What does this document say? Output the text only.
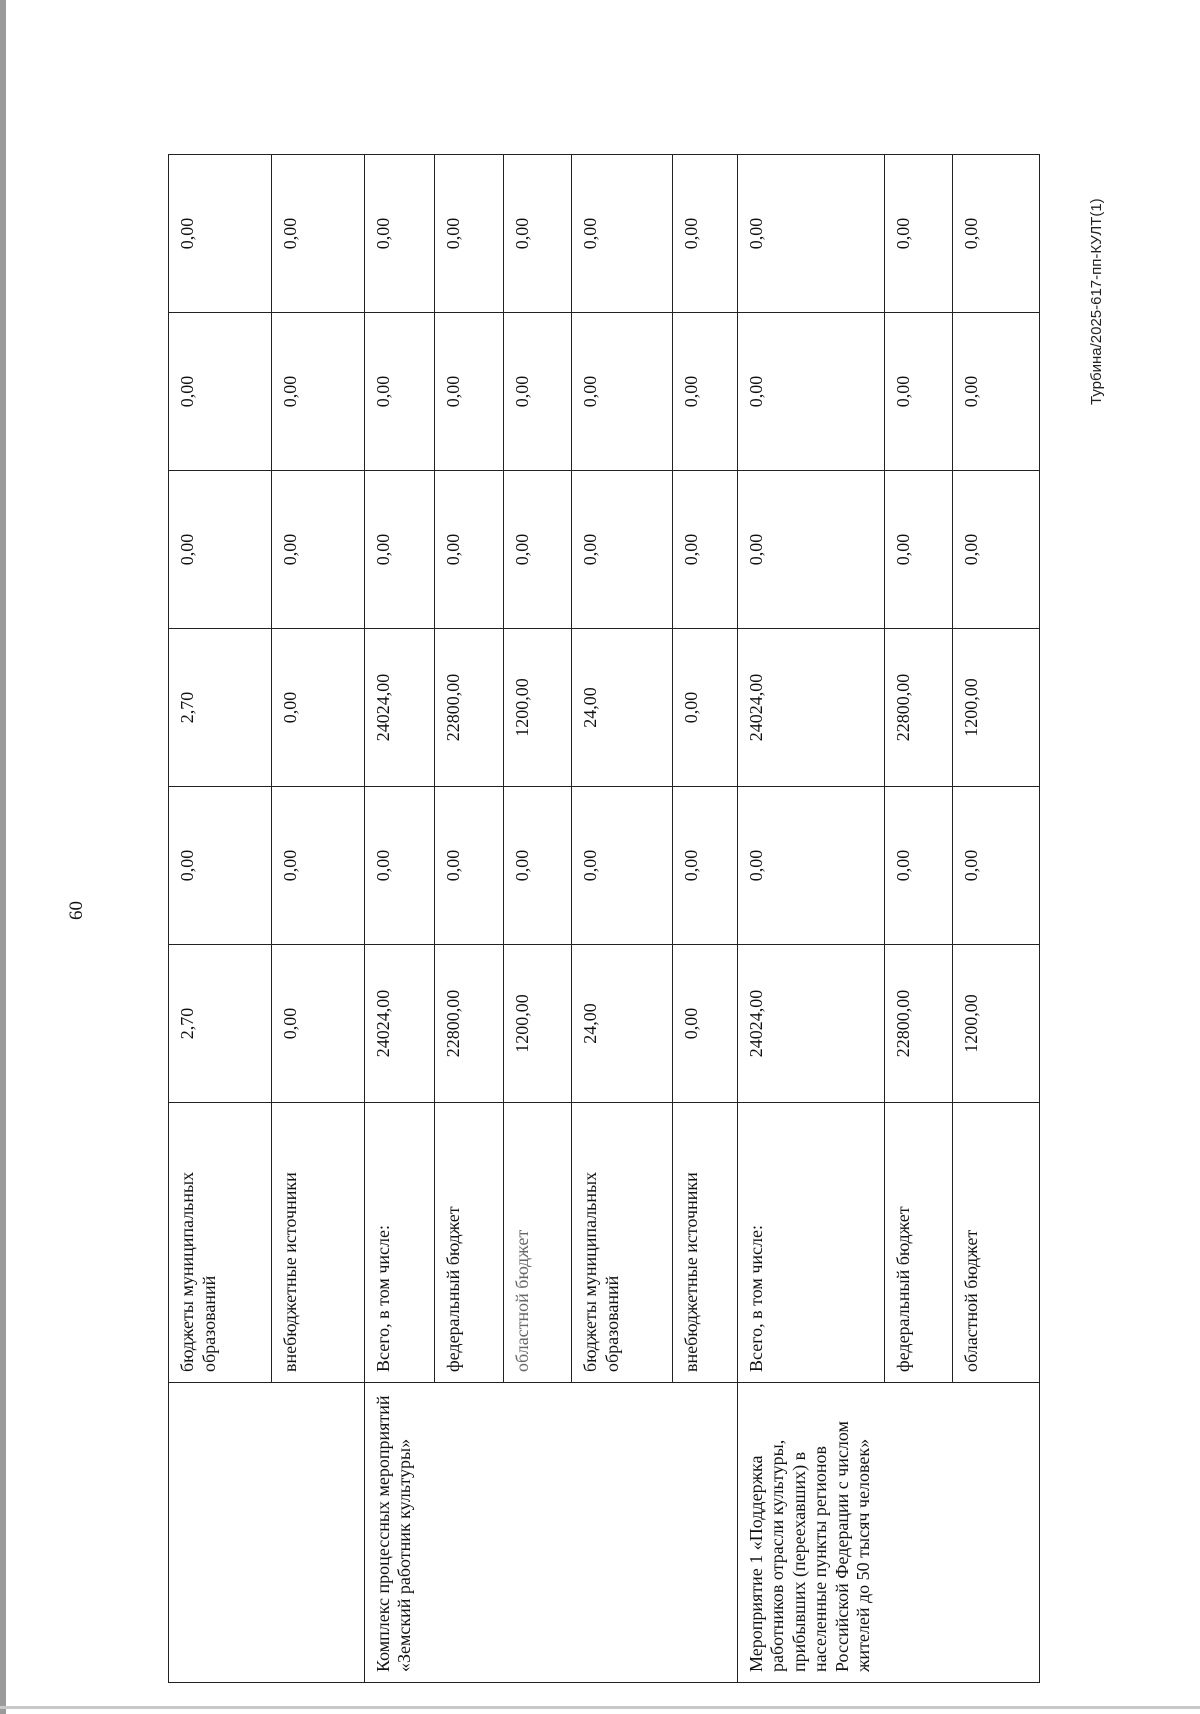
60
Турбина/2025-617-пп-КУЛТ(1)
	бюджеты муниципальных образований	2,70	0,00	2,70	0,00	0,00	0,00
	внебюджетные источники	0,00	0,00	0,00	0,00	0,00	0,00
Комплекс процессных мероприятий «Земский работник культуры»	Всего, в том числе:	24024,00	0,00	24024,00	0,00	0,00	0,00
	федеральный бюджет	22800,00	0,00	22800,00	0,00	0,00	0,00
	областной бюджет	1200,00	0,00	1200,00	0,00	0,00	0,00
	бюджеты муниципальных образований	24,00	0,00	24,00	0,00	0,00	0,00
	внебюджетные источники	0,00	0,00	0,00	0,00	0,00	0,00
Мероприятие 1 «Поддержка работников отрасли культуры, прибывших (переехавших) в населенные пункты регионов Российской Федерации с числом жителей до 50 тысяч человек»	Всего, в том числе:	24024,00	0,00	24024,00	0,00	0,00	0,00
	федеральный бюджет	22800,00	0,00	22800,00	0,00	0,00	0,00
	областной бюджет	1200,00	0,00	1200,00	0,00	0,00	0,00
